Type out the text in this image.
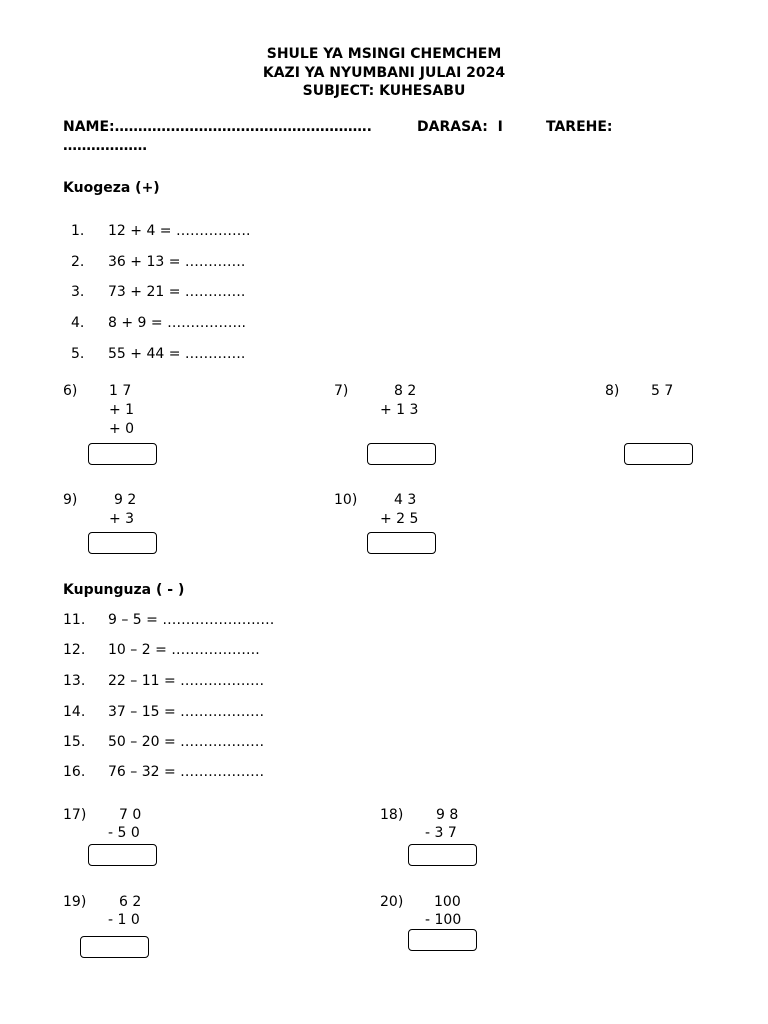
SHULE YA MSINGI CHEMCHEM
KAZI YA NYUMBANI JULAI 2024
SUBJECT: KUHESABU
NAME:……………………………………………….	DARASA:  I	TAREHE:
………………
Kuogeza (+)
1. 12 + 4 = …………….
2. 36 + 13 = ………….
3. 73 + 21 = ………….
4. 8 + 9 = ……………..
5. 55 + 44 = ………….
6) 1 7
+ 1
+ 0
7)	8 2
+ 1 3
8) 5 7
9)	9 2
+ 3
10)	4 3
+ 2 5
Kupunguza ( - )
11. 9 – 5 = ……………………
12. 10 – 2 = ……………….
13. 22 – 11 = ………………
14. 37 – 15 = ………………
15. 50 – 20 = ………………
16. 76 – 32 = ………………
17) 7 0
- 5 0
18) 9 8
- 3 7
19) 6 2
- 1 0
20) 100
- 100
